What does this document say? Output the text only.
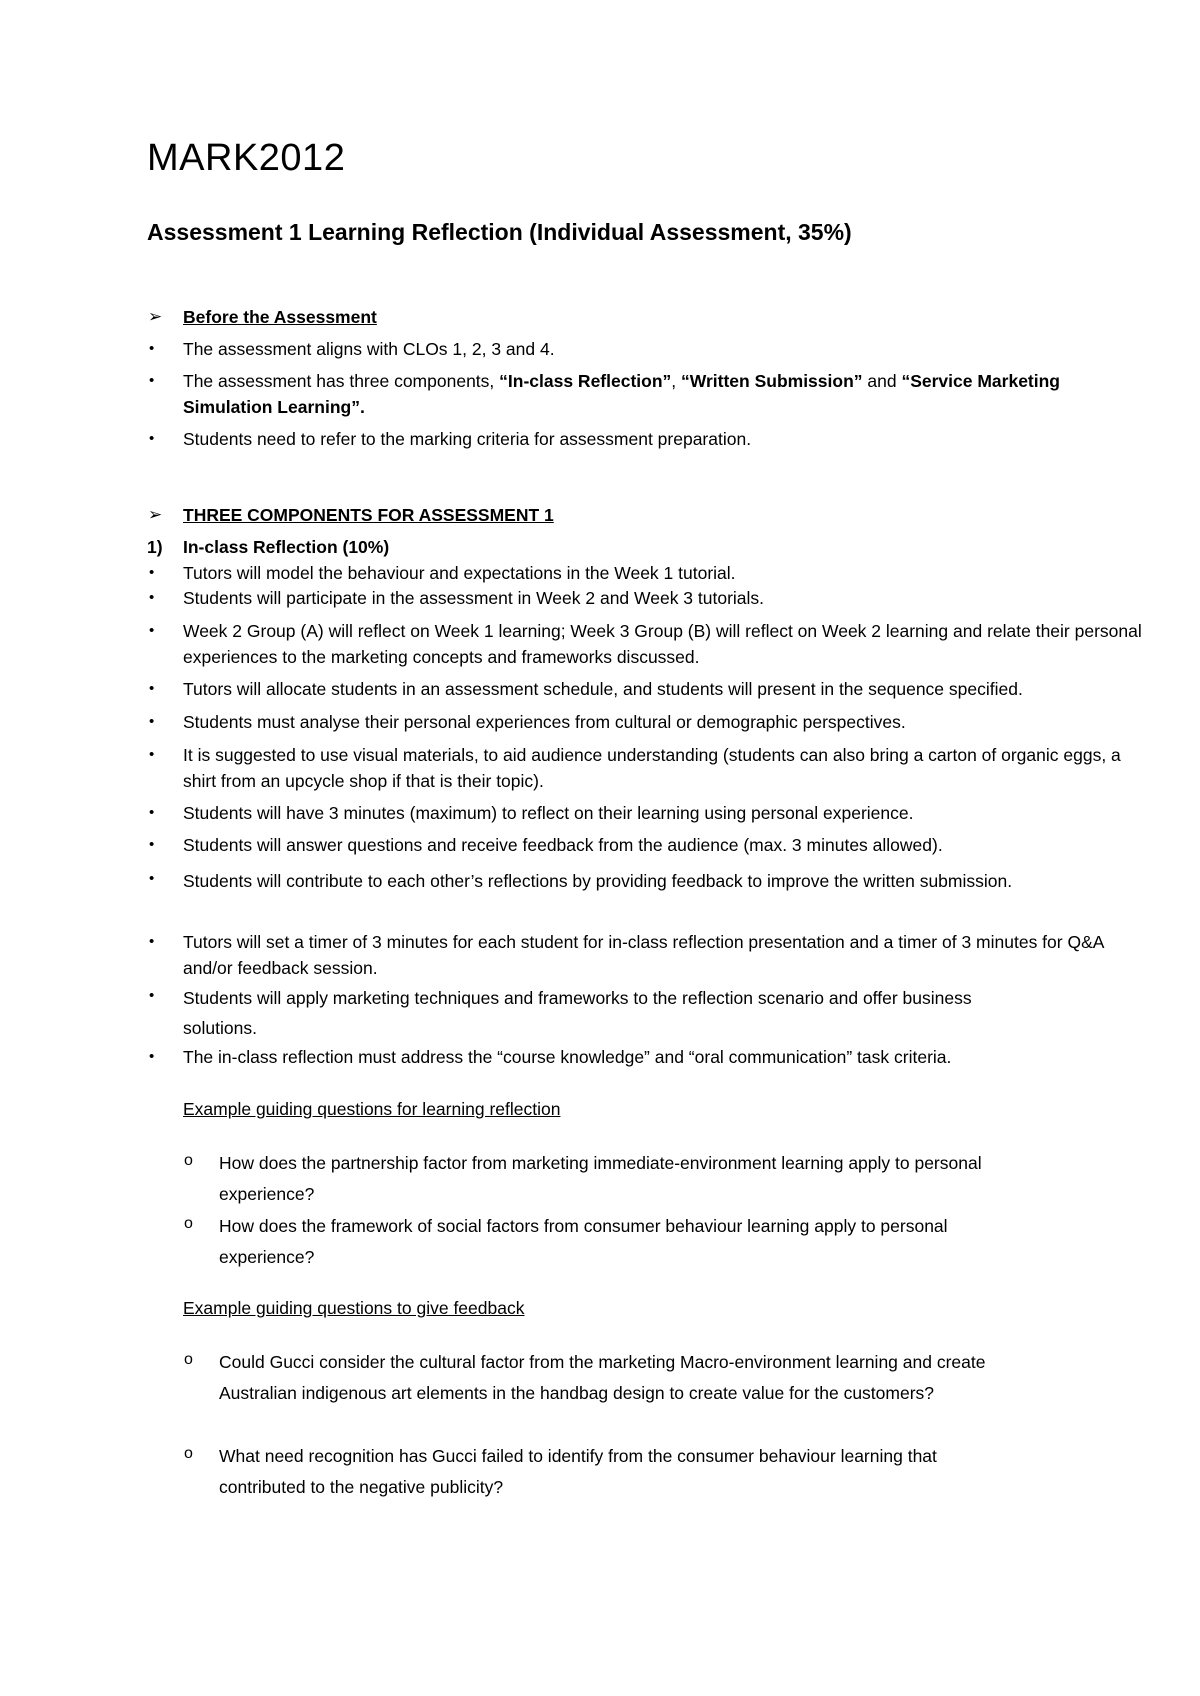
MARK2012
Assessment 1 Learning Reflection (Individual Assessment, 35%)
➢ Before the Assessment
• The assessment aligns with CLOs 1, 2, 3 and 4.
• The assessment has three components, “In-class Reflection”, “Written Submission” and “Service Marketing Simulation Learning”.
• Students need to refer to the marking criteria for assessment preparation.
➢ THREE COMPONENTS FOR ASSESSMENT 1
1) In-class Reflection (10%)
• Tutors will model the behaviour and expectations in the Week 1 tutorial.
• Students will participate in the assessment in Week 2 and Week 3 tutorials.
• Week 2 Group (A) will reflect on Week 1 learning; Week 3 Group (B) will reflect on Week 2 learning and relate their personal experiences to the marketing concepts and frameworks discussed.
• Tutors will allocate students in an assessment schedule, and students will present in the sequence specified.
• Students must analyse their personal experiences from cultural or demographic perspectives.
• It is suggested to use visual materials, to aid audience understanding (students can also bring a carton of organic eggs, a shirt from an upcycle shop if that is their topic).
• Students will have 3 minutes (maximum) to reflect on their learning using personal experience.
• Students will answer questions and receive feedback from the audience (max. 3 minutes allowed).
• Students will contribute to each other’s reflections by providing feedback to improve the written submission.
• Tutors will set a timer of 3 minutes for each student for in-class reflection presentation and a timer of 3 minutes for Q&A and/or feedback session.
• Students will apply marketing techniques and frameworks to the reflection scenario and offer business solutions.
• The in-class reflection must address the “course knowledge” and “oral communication” task criteria.
Example guiding questions for learning reflection
o How does the partnership factor from marketing immediate-environment learning apply to personal experience?
o How does the framework of social factors from consumer behaviour learning apply to personal experience?
Example guiding questions to give feedback
o Could Gucci consider the cultural factor from the marketing Macro-environment learning and create Australian indigenous art elements in the handbag design to create value for the customers?
o What need recognition has Gucci failed to identify from the consumer behaviour learning that contributed to the negative publicity?
